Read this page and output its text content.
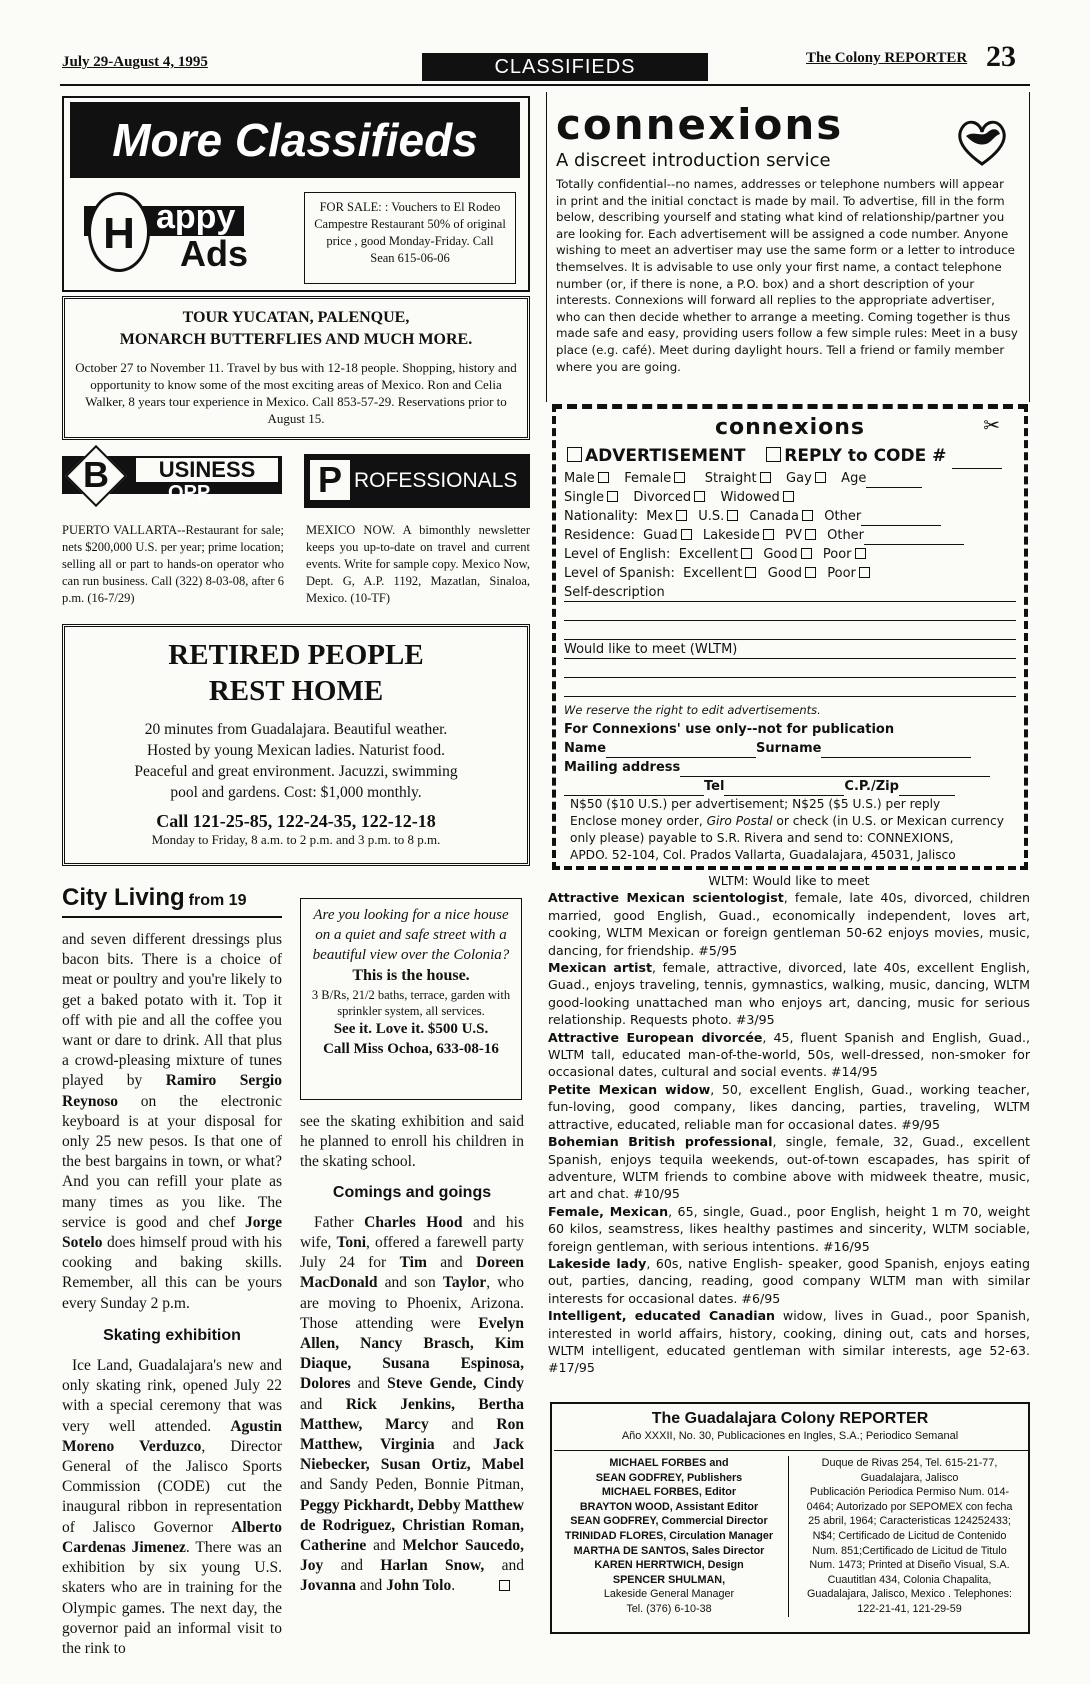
July 29-August 4, 1995	CLASSIFIEDS	The Colony REPORTER 23
More Classifieds
H appy
Ads
FOR SALE: : Vouchers to El Rodeo Campestre Restaurant 50% of original price , good Monday-Friday. Call Sean 615-06-06
TOUR YUCATAN, PALENQUE,
MONARCH BUTTERFLIES AND MUCH MORE.
October 27 to November 11. Travel by bus with 12-18 people. Shopping, history and opportunity to know some of the most exciting areas of Mexico. Ron and Celia Walker, 8 years tour experience in Mexico. Call 853-57-29. Reservations prior to August 15.
B	USINESS
OPP.
PUERTO VALLARTA--Restaurant for sale; nets $200,000 U.S. per year; prime location; selling all or part to hands-on operator who can run business. Call (322) 8-03-08, after 6 p.m. (16-7/29)
P ROFESSIONALS
MEXICO NOW. A bimonthly newsletter keeps you up-to-date on travel and current events. Write for sample copy. Mexico Now, Dept. G, A.P. 1192, Mazatlan, Sinaloa, Mexico. (10-TF)
RETIRED PEOPLE
REST HOME
20 minutes from Guadalajara. Beautiful weather.
Hosted by young Mexican ladies. Naturist food.
Peaceful and great environment. Jacuzzi, swimming
pool and gardens. Cost: $1,000 monthly.
Call 121-25-85, 122-24-35, 122-12-18
Monday to Friday, 8 a.m. to 2 p.m. and 3 p.m. to 8 p.m.
City Living from 19

and seven different dressings plus bacon bits. There is a choice of meat or poultry and you're likely to get a baked potato with it. Top it off with pie and all the coffee you want or dare to drink. All that plus a crowd-pleasing mixture of tunes played by Ramiro Sergio Reynoso on the electronic keyboard is at your disposal for only 25 new pesos. Is that one of the best bargains in town, or what? And you can refill your plate as many times as you like. The service is good and chef Jorge Sotelo does himself proud with his cooking and baking skills. Remember, all this can be yours every Sunday 2 p.m.

Skating exhibition

Ice Land, Guadalajara's new and only skating rink, opened July 22 with a special ceremony that was very well attended. Agustin Moreno Verduzco, Director General of the Jalisco Sports Commission (CODE) cut the inaugural ribbon in representation of Jalisco Governor Alberto Cardenas Jimenez. There was an exhibition by six young U.S. skaters who are in training for the Olympic games. The next day, the governor paid an informal visit to the rink to

Are you looking for a nice house on a quiet and safe street with a beautiful view over the Colonia?
This is the house.
3 B/Rs, 21/2 baths, terrace, garden with sprinkler system, all services.
See it. Love it. $500 U.S.
Call Miss Ochoa, 633-08-16

see the skating exhibition and said he planned to enroll his children in the skating school.

Comings and goings

Father Charles Hood and his wife, Toni, offered a farewell party July 24 for Tim and Doreen MacDonald and son Taylor, who are moving to Phoenix, Arizona. Those attending were Evelyn Allen, Nancy Brasch, Kim Diaque, Susana Espinosa, Dolores and Steve Gende, Cindy and Rick Jenkins, Bertha Matthew, Marcy and Ron Matthew, Virginia and Jack Niebecker, Susan Ortiz, Mabel and Sandy Peden, Bonnie Pitman, Peggy Pickhardt, Debby Matthew de Rodriguez, Christian Roman, Catherine and Melchor Saucedo, Joy and Harlan Snow, and Jovanna and John Tolo.

connexions
A discreet introduction service
Totally confidential--no names, addresses or telephone numbers will appear in print and the initial conctact is made by mail. To advertise, fill in the form below, describing yourself and stating what kind of relationship/partner you are looking for. Each advertisement will be assigned a code number. Anyone wishing to meet an advertiser may use the same form or a letter to introduce themselves. It is advisable to use only your first name, a contact telephone number (or, if there is none, a P.O. box) and a short description of your interests. Connexions will forward all replies to the appropriate advertiser, who can then decide whether to arrange a meeting. Coming together is thus made safe and easy, providing users follow a few simple rules: Meet in a busy place (e.g. café). Meet during daylight hours. Tell a friend or family member where you are going.
connexions	✂
ADVERTISEMENT REPLY to CODE #
Male Female	Straight Gay Age
Single Divorced Widowed
Nationality: Mex U.S. Canada Other
Residence: Guad Lakeside PV Other
Level of English: Excellent Good Poor
Level of Spanish: Excellent Good Poor
Self-description
Would like to meet (WLTM)
We reserve the right to edit advertisements.
For Connexions' use only--not for publication
Name	Surname
Mailing address
Tel	C.P./Zip
N$50 ($10 U.S.) per advertisement; N$25 ($5 U.S.) per reply
Enclose money order, Giro Postal or check (in U.S. or Mexican currency
only please) payable to S.R. Rivera and send to: CONNEXIONS,
APDO. 52-104, Col. Prados Vallarta, Guadalajara, 45031, Jalisco
WLTM: Would like to meet
Attractive Mexican scientologist, female, late 40s, divorced, children married, good English, Guad., economically independent, loves art, cooking, WLTM Mexican or foreign gentleman 50-62 enjoys movies, music, dancing, for friendship. #5/95
Mexican artist, female, attractive, divorced, late 40s, excellent English, Guad., enjoys traveling, tennis, gymnastics, walking, music, dancing, WLTM good-looking unattached man who enjoys art, dancing, music for serious relationship. Requests photo. #3/95
Attractive European divorcée, 45, fluent Spanish and English, Guad., WLTM tall, educated man-of-the-world, 50s, well-dressed, non-smoker for occasional dates, cultural and social events. #14/95
Petite Mexican widow, 50, excellent English, Guad., working teacher, fun-loving, good company, likes dancing, parties, traveling, WLTM attractive, educated, reliable man for occasional dates. #9/95
Bohemian British professional, single, female, 32, Guad., excellent Spanish, enjoys tequila weekends, out-of-town escapades, has spirit of adventure, WLTM friends to combine above with midweek theatre, music, art and chat. #10/95
Female, Mexican, 65, single, Guad., poor English, height 1 m 70, weight 60 kilos, seamstress, likes healthy pastimes and sincerity, WLTM sociable, foreign gentleman, with serious intentions. #16/95
Lakeside lady, 60s, native English- speaker, good Spanish, enjoys eating out, parties, dancing, reading, good company WLTM man with similar interests for occasional dates. #6/95
Intelligent, educated Canadian widow, lives in Guad., poor Spanish, interested in world affairs, history, cooking, dining out, cats and horses, WLTM intelligent, educated gentleman with similar interests, age 52-63. #17/95
The Guadalajara Colony REPORTER
Año XXXII, No. 30, Publicaciones en Ingles, S.A.; Periodico Semanal
MICHAEL FORBES and
SEAN GODFREY, Publishers
MICHAEL FORBES, Editor
BRAYTON WOOD, Assistant Editor
SEAN GODFREY, Commercial Director
TRINIDAD FLORES, Circulation Manager
MARTHA DE SANTOS, Sales Director
KAREN HERRTWICH, Design
SPENCER SHULMAN,
Lakeside General Manager
Tel. (376) 6-10-38
Duque de Rivas 254, Tel. 615-21-77,
Guadalajara, Jalisco
Publicación Periodica Permiso Num. 014-
0464; Autorizado por SEPOMEX con fecha
25 abril, 1964; Caracteristicas 124252433;
N$4; Certificado de Licitud de Contenido
Num. 851;Certificado de Licitud de Titulo
Num. 1473; Printed at Diseño Visual, S.A.
Cuautitlan 434, Colonia Chapalita,
Guadalajara, Jalisco, Mexico . Telephones:
122-21-41, 121-29-59
